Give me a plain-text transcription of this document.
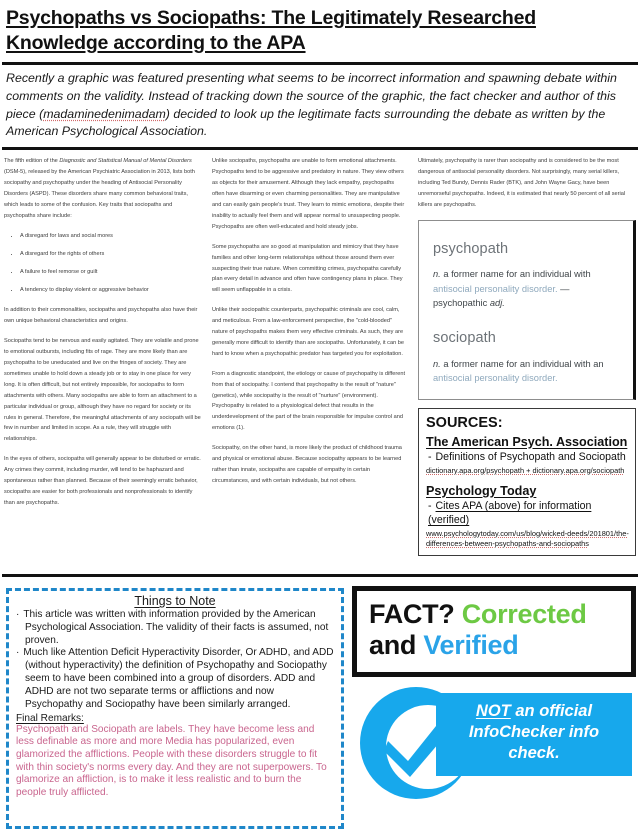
Psychopaths vs Sociopaths: The Legitimately Researched
Knowledge according to the APA
Recently a graphic was featured presenting what seems to be incorrect information and spawning debate within comments on the validity. Instead of tracking down the source of the graphic, the fact checker and author of this piece (madaminedenimadam) decided to look up the legitimate facts surrounding the debate as written by the American Psychological Association.

The fifth edition of the Diagnostic and Statistical Manual of Mental Disorders (DSM-5), released by the American Psychiatric Association in 2013, lists both sociopathy and psychopathy under the heading of Antisocial Personality Disorders (ASPD). These disorders share many common behavioral traits, which leads to some of the confusion. Key traits that sociopaths and psychopaths share include:

• A disregard for laws and social mores
• A disregard for the rights of others
• A failure to feel remorse or guilt
• A tendency to display violent or aggressive behavior

In addition to their commonalities, sociopaths and psychopaths also have their own unique behavioral characteristics and origins.

Sociopaths tend to be nervous and easily agitated. They are volatile and prone to emotional outbursts, including fits of rage. They are more likely than are psychopaths to be uneducated and live on the fringes of society. They are sometimes unable to hold down a steady job or to stay in one place for very long. It is often difficult, but not entirely impossible, for sociopaths to form attachments with others. Many sociopaths are able to form an attachment to a particular individual or group, although they have no regard for society or its rules in general. Therefore, the meaningful attachments of any sociopath will be few in number and limited in scope. As a rule, they will struggle with relationships.

In the eyes of others, sociopaths will generally appear to be disturbed or erratic. Any crimes they commit, including murder, will tend to be haphazard and spontaneous rather than planned. Because of their seemingly erratic behavior, sociopaths are easier for both professionals and nonprofessionals to identify than are psychopaths.

Unlike sociopaths, psychopaths are unable to form emotional attachments. Psychopaths tend to be aggressive and predatory in nature. They view others as objects for their amusement. Although they lack empathy, psychopaths often have disarming or even charming personalities. They are manipulative and can easily gain people's trust. They learn to mimic emotions, despite their inability to actually feel them and will appear normal to unsuspecting people. Psychopaths are often well-educated and hold steady jobs.

Some psychopaths are so good at manipulation and mimicry that they have families and other long-term relationships without those around them ever suspecting their true nature. When committing crimes, psychopaths carefully plan every detail in advance and often have contingency plans in place. They will seem unflappable in a crisis.

Unlike their sociopathic counterparts, psychopathic criminals are cool, calm, and meticulous. From a law-enforcement perspective, the "cold-blooded" nature of psychopaths makes them very effective criminals. As such, they are generally more difficult to identify than are sociopaths. Unfortunately, it can be hard to know when a psychopathic predator has targeted you for exploitation.

From a diagnostic standpoint, the etiology or cause of psychopathy is different from that of sociopathy. I contend that psychopathy is the result of "nature" (genetics), while sociopathy is the result of "nurture" (environment). Psychopathy is related to a physiological defect that results in the underdevelopment of the part of the brain responsible for impulse control and emotions (1).

Sociopathy, on the other hand, is more likely the product of childhood trauma and physical or emotional abuse. Because sociopathy appears to be learned rather than innate, sociopaths are capable of empathy in certain circumstances, and with certain individuals, but not others.

Ultimately, psychopathy is rarer than sociopathy and is considered to be the most dangerous of antisocial personality disorders. Not surprisingly, many serial killers, including Ted Bundy, Dennis Rader (BTK), and John Wayne Gacy, have been unremorseful psychopaths. Indeed, it is estimated that nearly 50 percent of all serial killers are psychopaths.

psychopath
n. a former name for an individual with antisocial personality disorder. — psychopathic adj.
sociopath
n. a former name for an individual with an antisocial personality disorder.
SOURCES:
The American Psych. Association
- Definitions of Psychopath and Sociopath
dictionary.apa.org/psychopath + dictionary.apa.org/sociopath
Psychology Today
- Cites APA (above) for information (verified)
www.psychologytoday.com/us/blog/wicked-deeds/201801/the-differences-between-psychopaths-and-sociopaths
Things to Note
· This article was written with information provided by the American Psychological Association. The validity of their facts is assumed, not proven.
· Much like Attention Deficit Hyperactivity Disorder, Or ADHD, and ADD (without hyperactivity) the definition of Psychopathy and Sociopathy seem to have been combined into a group of disorders. ADD and ADHD are not two separate terms or afflictions and now Psychopathy and Sociopathy have been similarly arranged.
Final Remarks:
Psychopath and Sociopath are labels. They have become less and less definable as more and more Media has popularized, even glamorized the afflictions. People with these disorders struggle to fit with thin society's norms every day. And they are not superpowers. To glamorize an affliction, is to make it less realistic and to burn the people truly afflicted.
FACT? Corrected
and Verified
NOT an official
InfoChecker info
check.
